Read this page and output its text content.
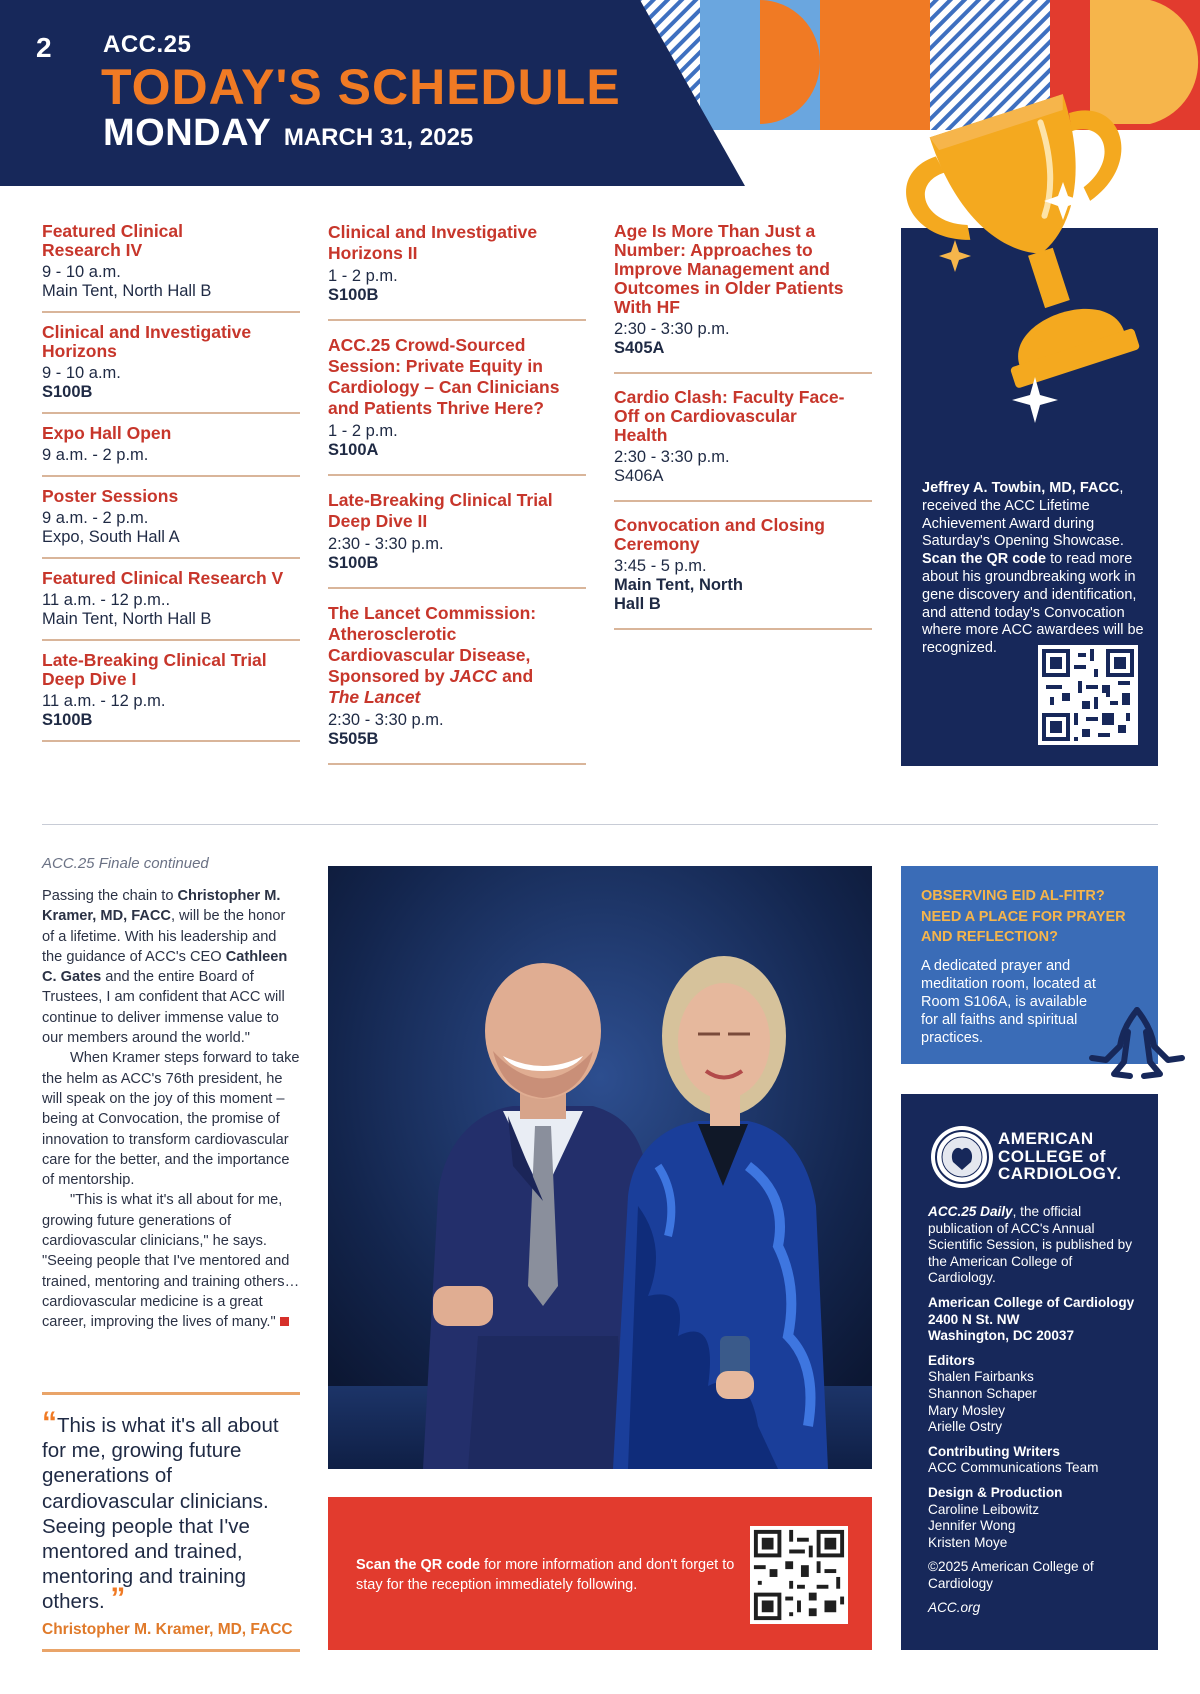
2 ACC.25
TODAY'S SCHEDULE
MONDAY MARCH 31, 2025
Featured Clinical Research IV
9 - 10 a.m.
Main Tent, North Hall B
Clinical and Investigative Horizons
9 - 10 a.m.
S100B
Expo Hall Open
9 a.m. - 2 p.m.
Poster Sessions
9 a.m. - 2 p.m.
Expo, South Hall A
Featured Clinical Research V
11 a.m. - 12 p.m..
Main Tent, North Hall B
Late-Breaking Clinical Trial Deep Dive I
11 a.m. - 12 p.m.
S100B
Clinical and Investigative Horizons II
1 - 2 p.m.
S100B
ACC.25 Crowd-Sourced Session: Private Equity in Cardiology – Can Clinicians and Patients Thrive Here?
1 - 2 p.m.
S100A
Late-Breaking Clinical Trial Deep Dive II
2:30 - 3:30 p.m.
S100B
The Lancet Commission: Atherosclerotic Cardiovascular Disease, Sponsored by JACC and The Lancet
2:30 - 3:30 p.m.
S505B
Age Is More Than Just a Number: Approaches to Improve Management and Outcomes in Older Patients With HF
2:30 - 3:30 p.m.
S405A
Cardio Clash: Faculty Face-Off on Cardiovascular Health
2:30 - 3:30 p.m.
S406A
Convocation and Closing Ceremony
3:45 - 5 p.m.
Main Tent, North Hall B
Jeffrey A. Towbin, MD, FACC, received the ACC Lifetime Achievement Award during Saturday's Opening Showcase. Scan the QR code to read more about his groundbreaking work in gene discovery and identification, and attend today's Convocation where more ACC awardees will be recognized.
ACC.25 Finale continued

Passing the chain to Christopher M. Kramer, MD, FACC, will be the honor of a lifetime. With his leadership and the guidance of ACC's CEO Cathleen C. Gates and the entire Board of Trustees, I am confident that ACC will continue to deliver immense value to our members around the world."

When Kramer steps forward to take the helm as ACC's 76th president, he will speak on the joy of this moment – being at Convocation, the promise of innovation to transform cardiovascular care for the better, and the importance of mentorship.

"This is what it's all about for me, growing future generations of cardiovascular clinicians," he says. "Seeing people that I've mentored and trained, mentoring and training others…cardiovascular medicine is a great career, improving the lives of many."

“This is what it's all about for me, growing future generations of cardiovascular clinicians. Seeing people that I've mentored and trained, mentoring and training others. ”
Christopher M. Kramer, MD, FACC
Scan the QR code for more information and don't forget to stay for the reception immediately following.
OBSERVING EID AL-FITR? NEED A PLACE FOR PRAYER AND REFLECTION?
A dedicated prayer and meditation room, located at Room S106A, is available for all faiths and spiritual practices.
AMERICAN
COLLEGE of
CARDIOLOGY.
ACC.25 Daily, the official publication of ACC's Annual Scientific Session, is published by the American College of Cardiology.
American College of Cardiology
2400 N St. NW
Washington, DC 20037
Editors
Shalen Fairbanks
Shannon Schaper
Mary Mosley
Arielle Ostry
Contributing Writers
ACC Communications Team
Design & Production
Caroline Leibowitz
Jennifer Wong
Kristen Moye
©2025 American College of Cardiology
ACC.org
